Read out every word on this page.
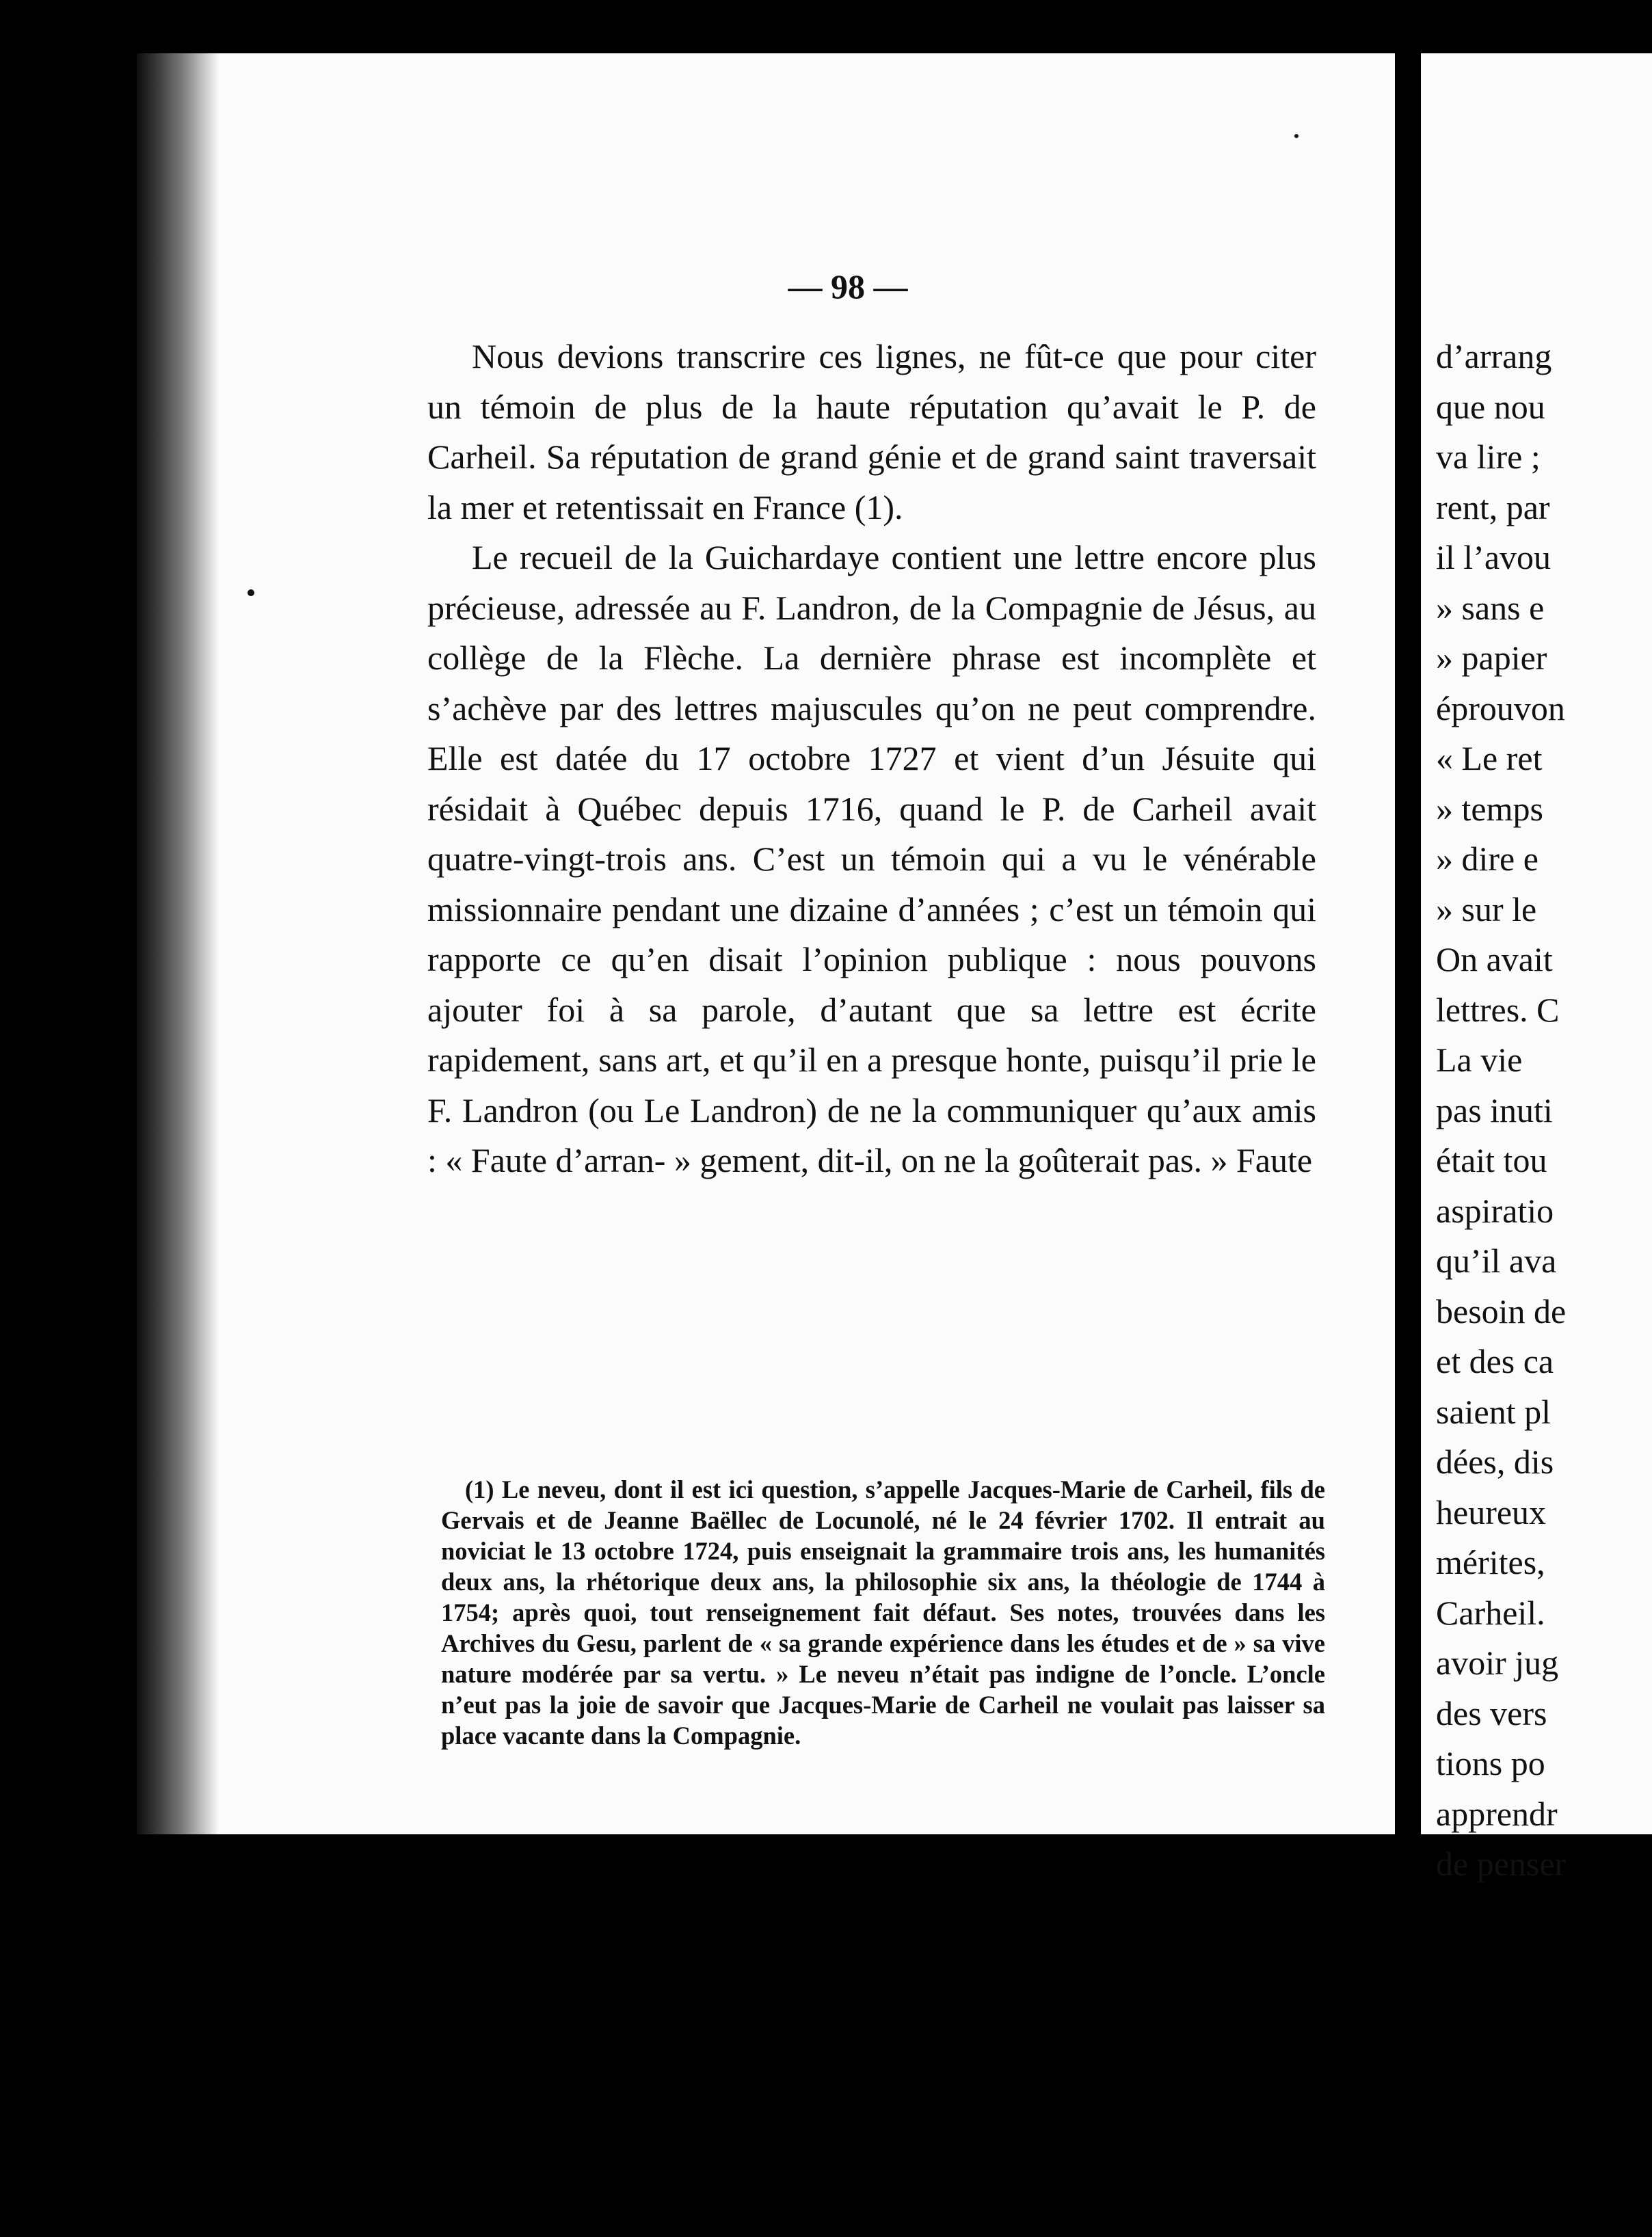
— 98 —

Nous devions transcrire ces lignes, ne fût-ce que pour citer un témoin de plus de la haute réputation qu’avait le P. de Carheil. Sa réputation de grand génie et de grand saint traversait la mer et retentissait en France (1).

Le recueil de la Guichardaye contient une lettre encore plus précieuse, adressée au F. Landron, de la Compagnie de Jésus, au collège de la Flèche. La dernière phrase est incomplète et s’achève par des lettres majuscules qu’on ne peut comprendre. Elle est datée du 17 octobre 1727 et vient d’un Jésuite qui résidait à Québec depuis 1716, quand le P. de Carheil avait quatre-vingt-trois ans. C’est un témoin qui a vu le vénérable missionnaire pendant une dizaine d’années ; c’est un témoin qui rapporte ce qu’en disait l’opinion publique : nous pouvons ajouter foi à sa parole, d’autant que sa lettre est écrite rapidement, sans art, et qu’il en a presque honte, puisqu’il prie le F. Landron (ou Le Landron) de ne la communiquer qu’aux amis : « Faute d’arran- » gement, dit-il, on ne la goûterait pas. » Faute

(1) Le neveu, dont il est ici question, s’appelle Jacques-Marie de Carheil, fils de Gervais et de Jeanne Baëllec de Locunolé, né le 24 février 1702. Il entrait au noviciat le 13 octobre 1724, puis enseignait la grammaire trois ans, les humanités deux ans, la rhétorique deux ans, la philosophie six ans, la théologie de 1744 à 1754; après quoi, tout renseignement fait défaut. Ses notes, trouvées dans les Archives du Gesu, parlent de « sa grande expérience dans les études et de » sa vive nature modérée par sa vertu. » Le neveu n’était pas indigne de l’oncle. L’oncle n’eut pas la joie de savoir que Jacques-Marie de Carheil ne voulait pas laisser sa place vacante dans la Compagnie.

d’arrang
que nou
va lire ;
rent, par
il l’avou
» sans e
» papier
éprouvon
« Le ret
» temps
» dire e
» sur le
On avait
lettres. C
La vie
pas inuti
était tou
aspiratio
qu’il ava
besoin de
et des ca
saient pl
dées, dis
heureux
mérites,
Carheil.
avoir jug
des vers
tions po
apprendr
de penser
